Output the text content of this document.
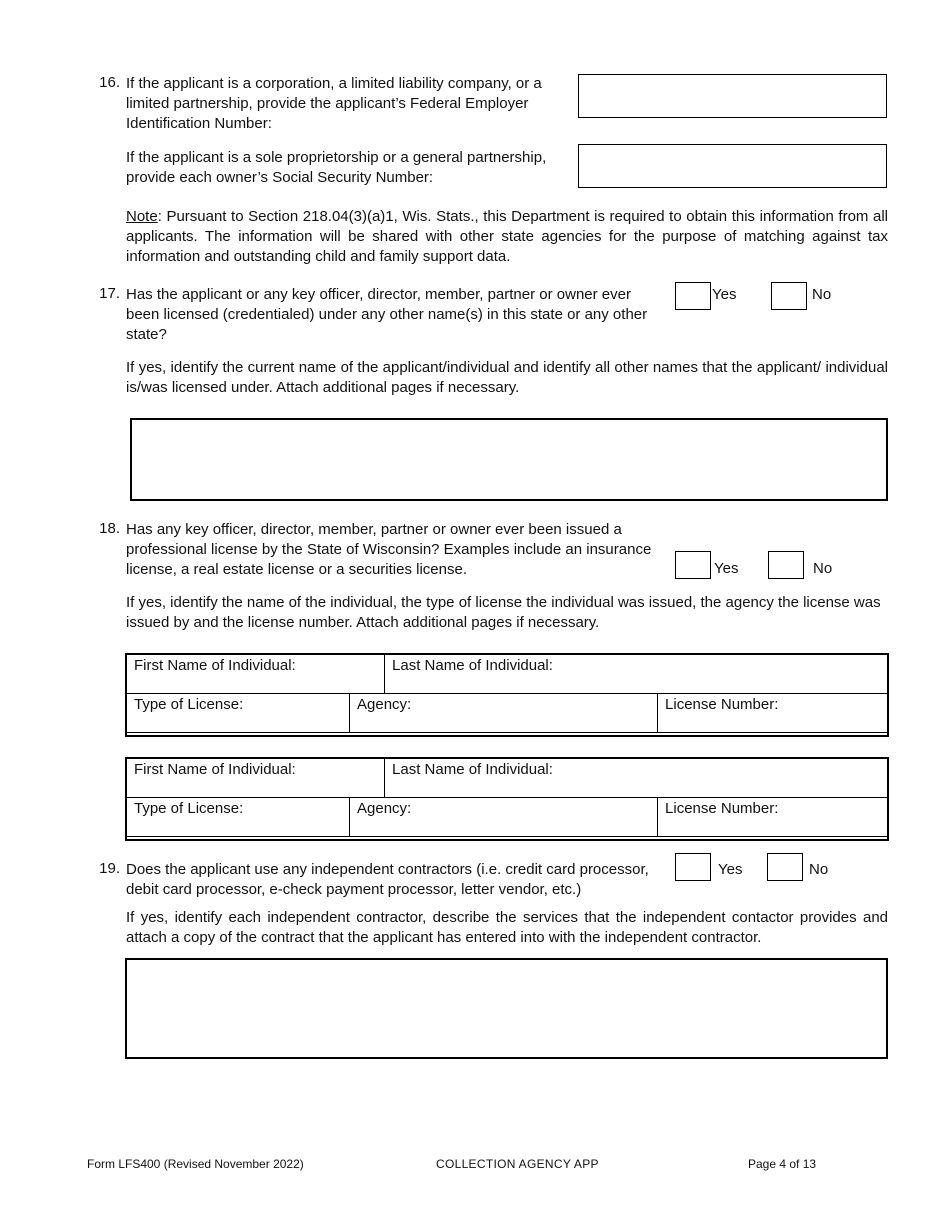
16. If the applicant is a corporation, a limited liability company, or a limited partnership, provide the applicant’s Federal Employer Identification Number:
If the applicant is a sole proprietorship or a general partnership, provide each owner’s Social Security Number:
Note: Pursuant to Section 218.04(3)(a)1, Wis. Stats., this Department is required to obtain this information from all applicants. The information will be shared with other state agencies for the purpose of matching against tax information and outstanding child and family support data.
17. Has the applicant or any key officer, director, member, partner or owner ever been licensed (credentialed) under any other name(s) in this state or any other state?
Yes	No
If yes, identify the current name of the applicant/individual and identify all other names that the applicant/ individual is/was licensed under. Attach additional pages if necessary.
18. Has any key officer, director, member, partner or owner ever been issued a professional license by the State of Wisconsin? Examples include an insurance license, a real estate license or a securities license.	Yes	No
If yes, identify the name of the individual, the type of license the individual was issued, the agency the license was issued by and the license number. Attach additional pages if necessary.
First Name of Individual:		Last Name of Individual:	
Type of License:	Agency:		License Number:
First Name of Individual:		Last Name of Individual:	
Type of License:	Agency:		License Number:
19. Does the applicant use any independent contractors (i.e. credit card processor, debit card processor, e-check payment processor, letter vendor, etc.)
Yes	No
If yes, identify each independent contractor, describe the services that the independent contactor provides and attach a copy of the contract that the applicant has entered into with the independent contractor.
Form LFS400 (Revised November 2022)	COLLECTION AGENCY APP	Page 4 of 13
